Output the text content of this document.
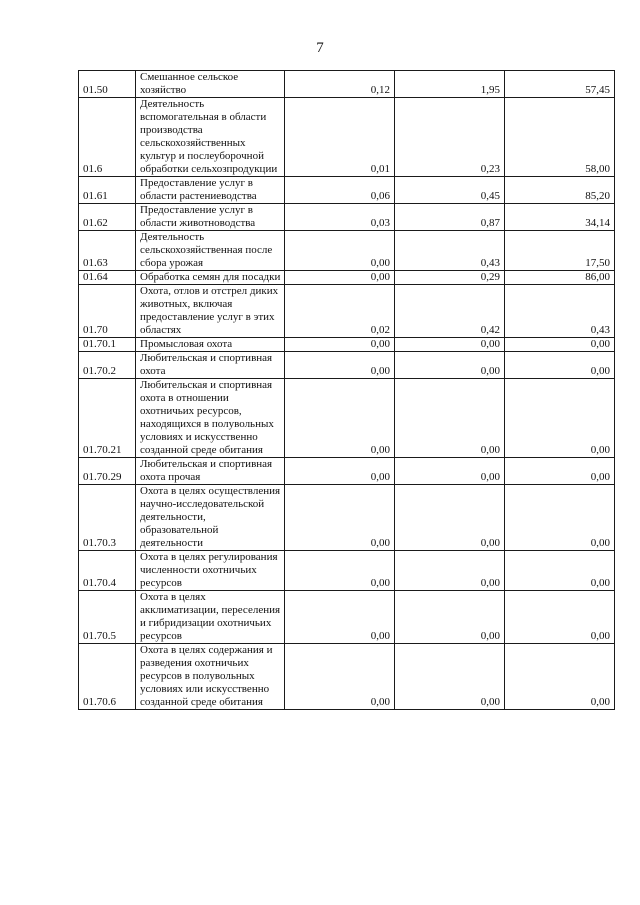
7
01.50	Смешанное сельское хозяйство	0,12	1,95	57,45
01.6	Деятельность вспомогательная в области производства сельскохозяйственных культур и послеуборочной обработки сельхозпродукции	0,01	0,23	58,00
01.61	Предоставление услуг в области растениеводства	0,06	0,45	85,20
01.62	Предоставление услуг в области животноводства	0,03	0,87	34,14
01.63	Деятельность сельскохозяйственная после сбора урожая	0,00	0,43	17,50
01.64	Обработка семян для посадки	0,00	0,29	86,00
01.70	Охота, отлов и отстрел диких животных, включая предоставление услуг в этих областях	0,02	0,42	0,43
01.70.1	Промысловая охота	0,00	0,00	0,00
01.70.2	Любительская и спортивная охота	0,00	0,00	0,00
01.70.21	Любительская и спортивная охота в отношении охотничьих ресурсов, находящихся в полувольных условиях и искусственно созданной среде обитания	0,00	0,00	0,00
01.70.29	Любительская и спортивная охота прочая	0,00	0,00	0,00
01.70.3	Охота в целях осуществления научно-исследовательской деятельности, образовательной деятельности	0,00	0,00	0,00
01.70.4	Охота в целях регулирования численности охотничьих ресурсов	0,00	0,00	0,00
01.70.5	Охота в целях акклиматизации, переселения и гибридизации охотничьих ресурсов	0,00	0,00	0,00
01.70.6	Охота в целях содержания и разведения охотничьих ресурсов в полувольных условиях или искусственно созданной среде обитания	0,00	0,00	0,00
